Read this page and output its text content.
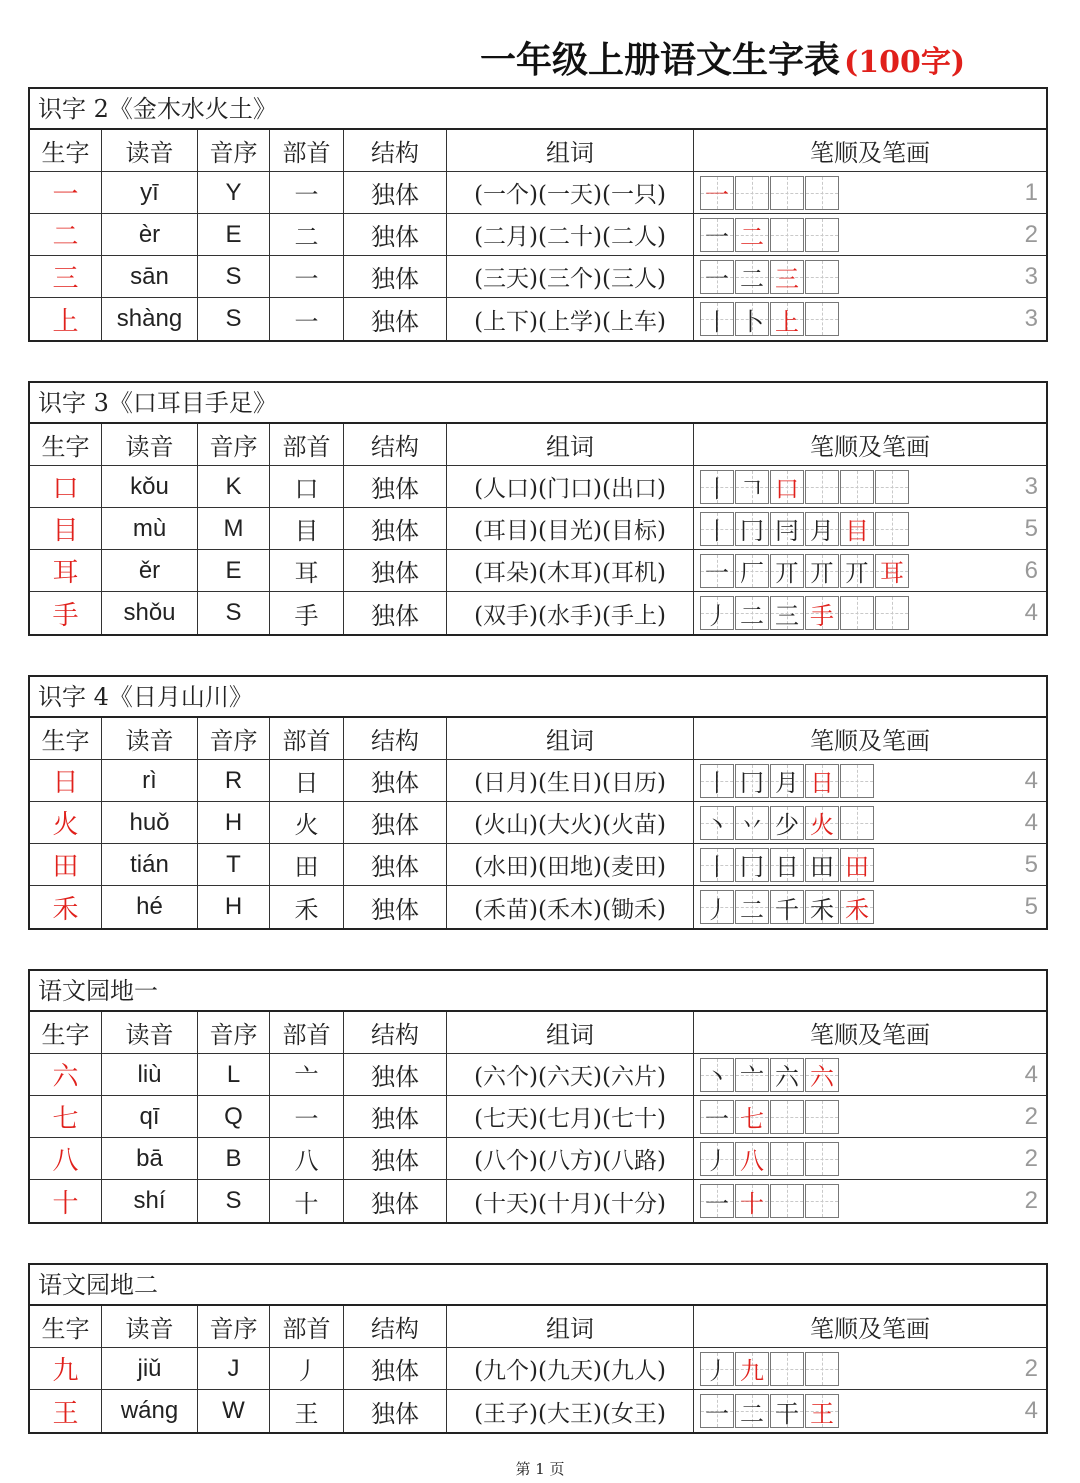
一年级上册语文生字表 (100字)
识字 2《金木水火土》
生字	读音	音序	部首	结构	组词	笔顺及笔画
一	yī	Y	一	独体	(一个)(一天)(一只)	一	1
二	èr	E	二	独体	(二月)(二十)(二人)	一 二	2
三	sān	S	一	独体	(三天)(三个)(三人)	一 二 三	3
上	shàng	S	一	独体	(上下)(上学)(上车)	丨 卜 上	3
识字 3《口耳目手足》
生字	读音	音序	部首	结构	组词	笔顺及笔画
口	kǒu	K	口	独体	(人口)(门口)(出口)	丨 𠃍 口	3
目	mù	M	目	独体	(耳目)(目光)(目标)	丨 冂 冃 月 目	5
耳	ěr	E	耳	独体	(耳朵)(木耳)(耳机)	一 厂 丌 丌 丌 耳	6
手	shǒu	S	手	独体	(双手)(水手)(手上)	丿 二 三 手	4
识字 4《日月山川》
生字	读音	音序	部首	结构	组词	笔顺及笔画
日	rì	R	日	独体	(日月)(生日)(日历)	丨 冂 月 日	4
火	huǒ	H	火	独体	(火山)(大火)(火苗)	丶 丷 少 火	4
田	tián	T	田	独体	(水田)(田地)(麦田)	丨 冂 日 田 田	5
禾	hé	H	禾	独体	(禾苗)(禾木)(锄禾)	丿 二 千 禾 禾	5
语文园地一
生字	读音	音序	部首	结构	组词	笔顺及笔画
六	liù	L	亠	独体	(六个)(六天)(六片)	丶 亠 六 六	4
七	qī	Q	一	独体	(七天)(七月)(七十)	一 七	2
八	bā	B	八	独体	(八个)(八方)(八路)	丿 八	2
十	shí	S	十	独体	(十天)(十月)(十分)	一 十	2
语文园地二
生字	读音	音序	部首	结构	组词	笔顺及笔画
九	jiǔ	J	丿	独体	(九个)(九天)(九人)	丿 九	2
王	wáng	W	王	独体	(王子)(大王)(女王)	一 二 干 王	4
第 1 页
